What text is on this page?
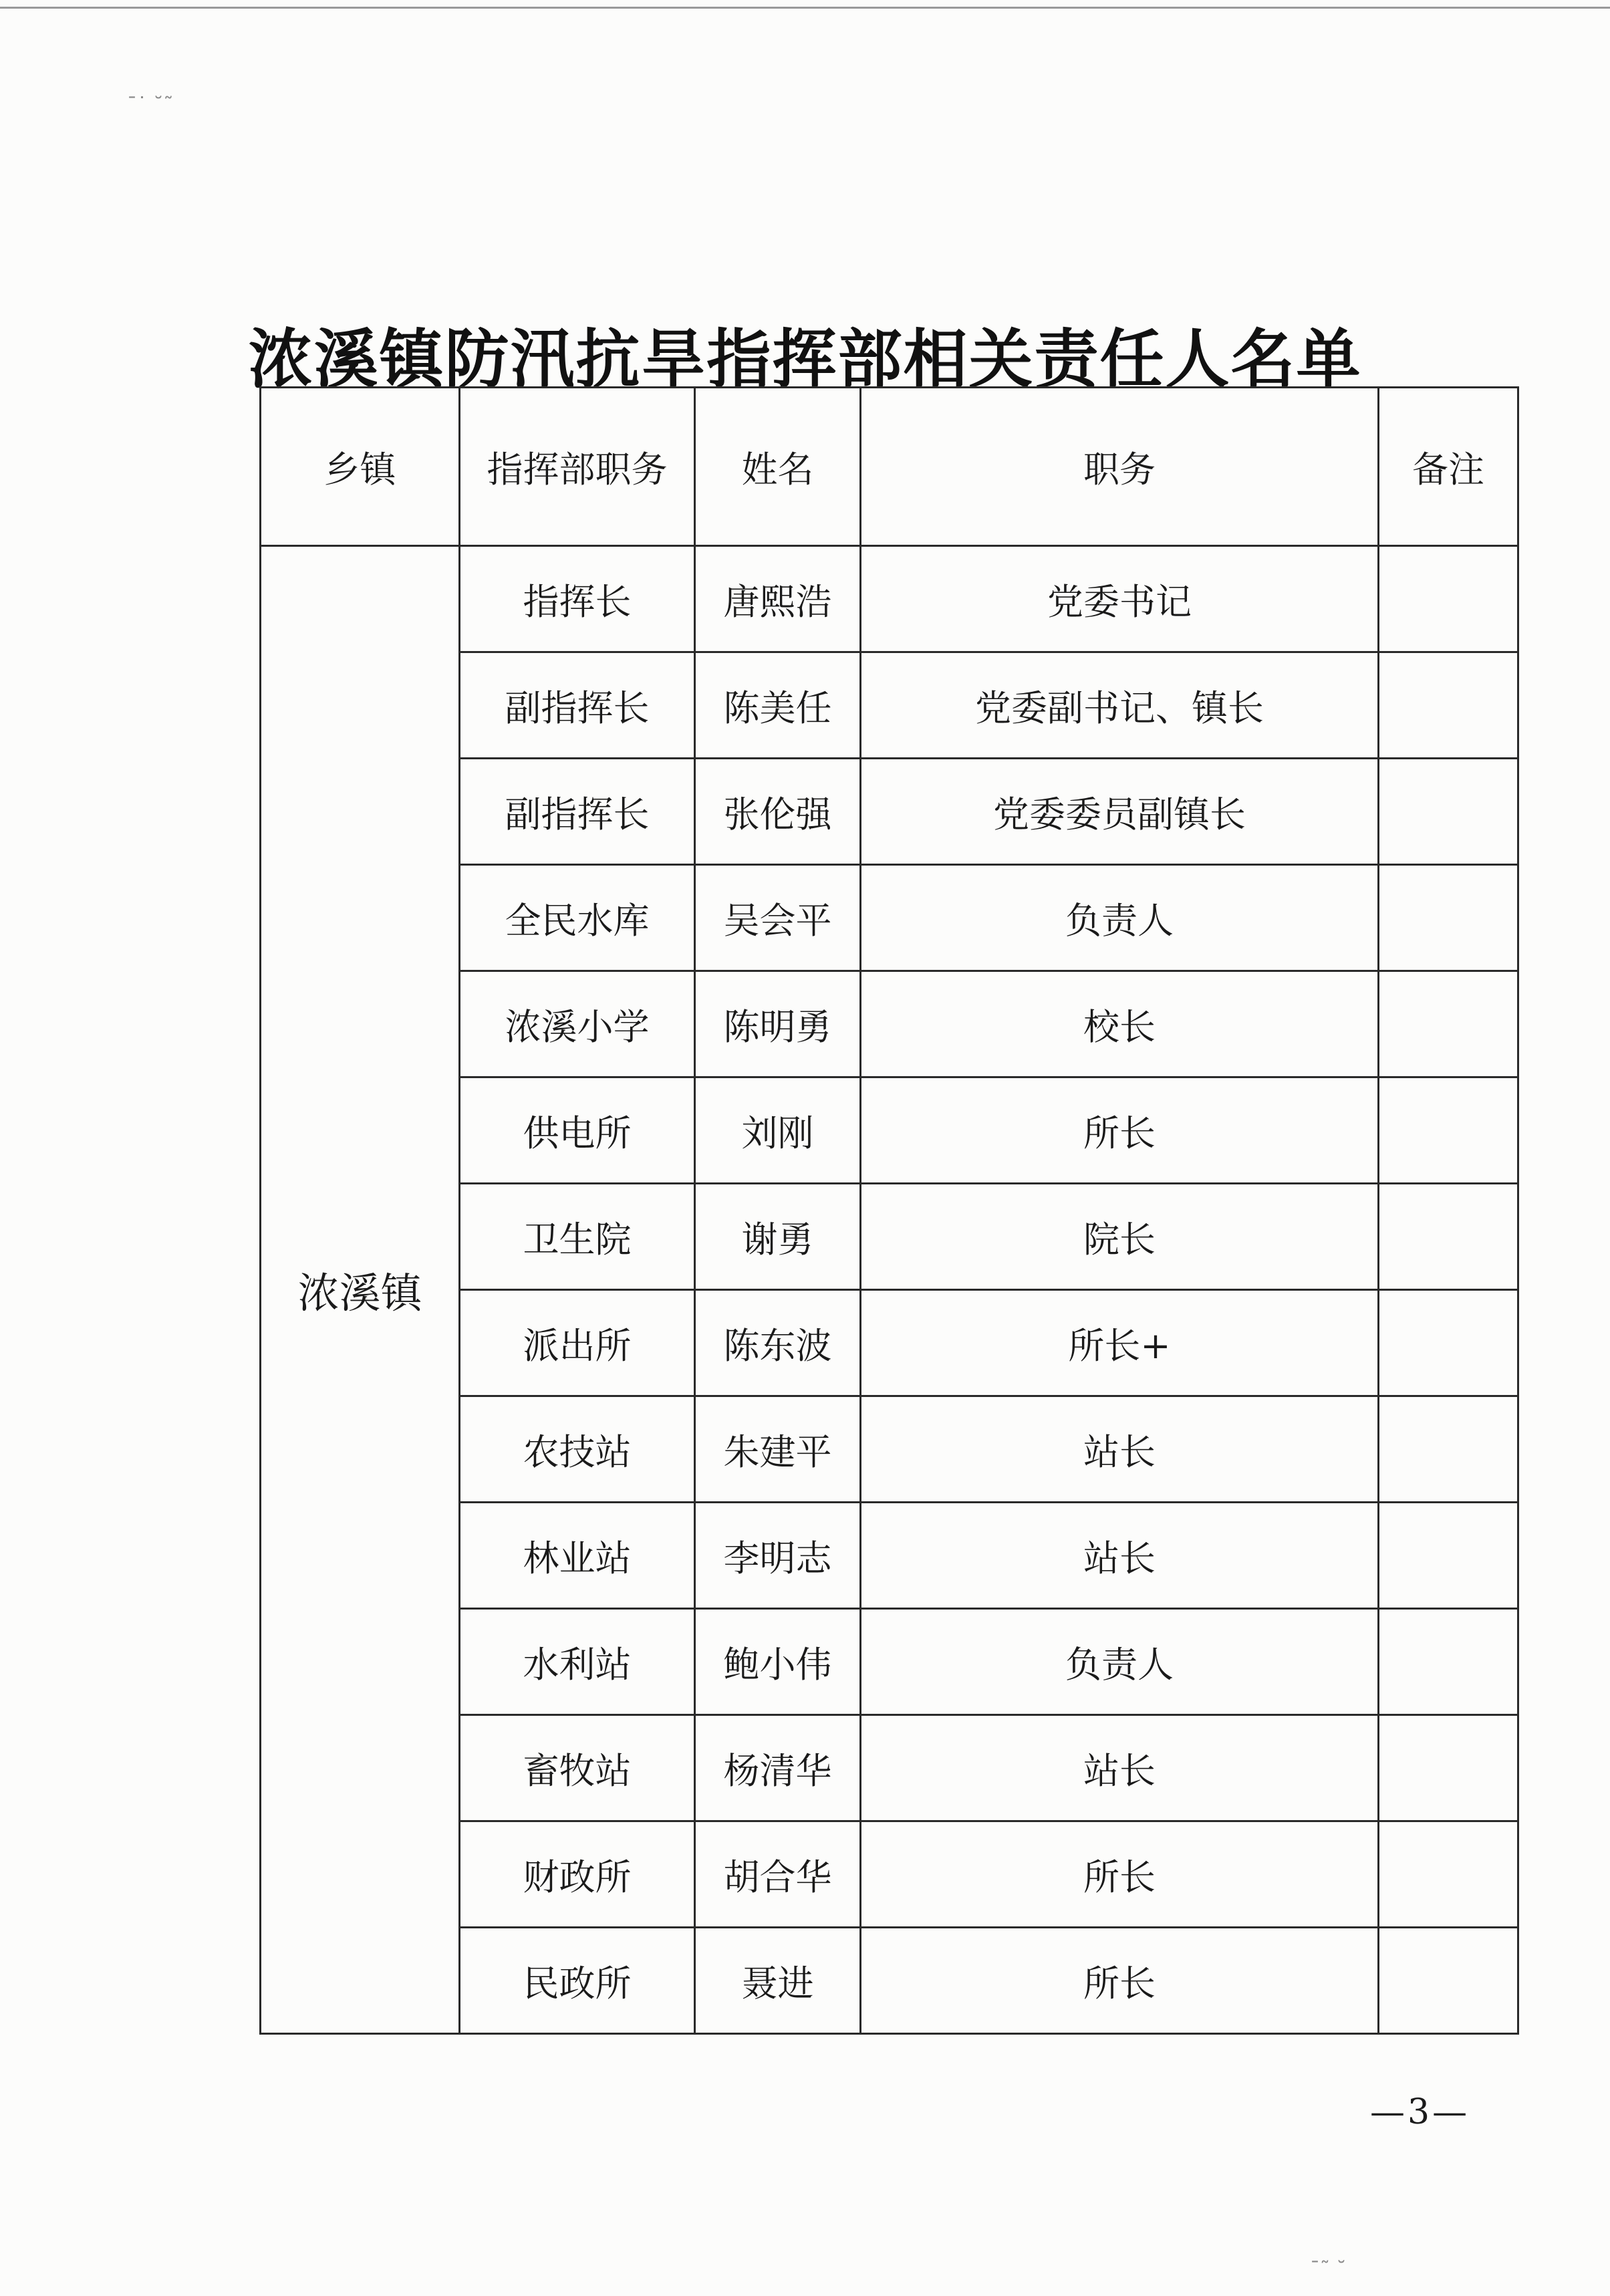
ˉ˙ ˘˜
ˉ˜ ˘
浓溪镇防汛抗旱指挥部相关责任人名单
乡镇	指挥部职务	姓名	职务	备注
浓溪镇	指挥长	唐熙浩	党委书记	
	副指挥长	陈美任	党委副书记、镇长	
	副指挥长	张伦强	党委委员副镇长	
	全民水库	吴会平	负责人	
	浓溪小学	陈明勇	校长	
	供电所	刘刚	所长	
	卫生院	谢勇	院长	
	派出所	陈东波	所长+	
	农技站	朱建平	站长	
	林业站	李明志	站长	
	水利站	鲍小伟	负责人	
	畜牧站	杨清华	站长	
	财政所	胡合华	所长	
	民政所	聂进	所长	
—3—
